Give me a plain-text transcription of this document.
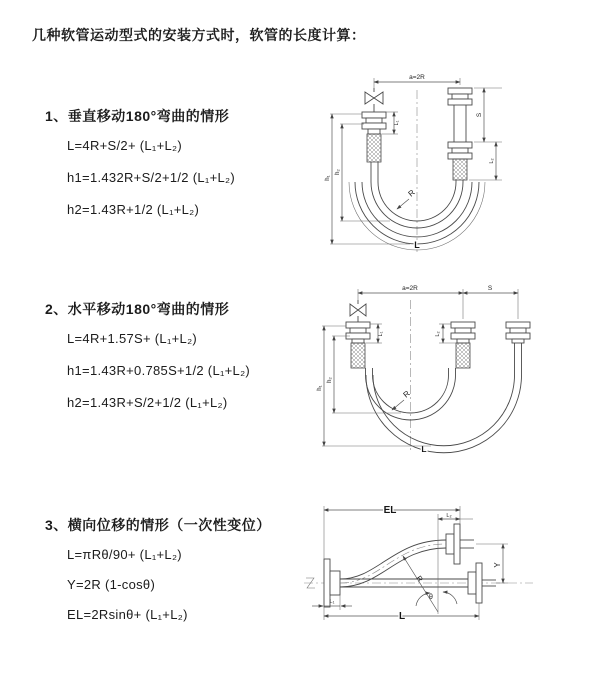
几种软管运动型式的安装方式时，软管的长度计算：
1、垂直移动180°弯曲的情形
L=4R+S/2+ (L₁+L₂)
h1=1.432R+S/2+1/2 (L₁+L₂)
h2=1.43R+1/2 (L₁+L₂)
2、水平移动180°弯曲的情形
L=4R+1.57S+ (L₁+L₂)
h1=1.43R+0.785S+1/2 (L₁+L₂)
h2=1.43R+S/2+1/2 (L₁+L₂)
3、横向位移的情形（一次性变位）
L=πRθ/90+ (L₁+L₂)
Y=2R (1-cosθ)
EL=2Rsinθ+ (L₁+L₂)
a=2R
R
L
h₁
h₂
L₁
S
L₂
a=2R	S
R
L
h₁
h₂
L₁	L₂
R
θ
EL	L₂
Y
L₁
L
